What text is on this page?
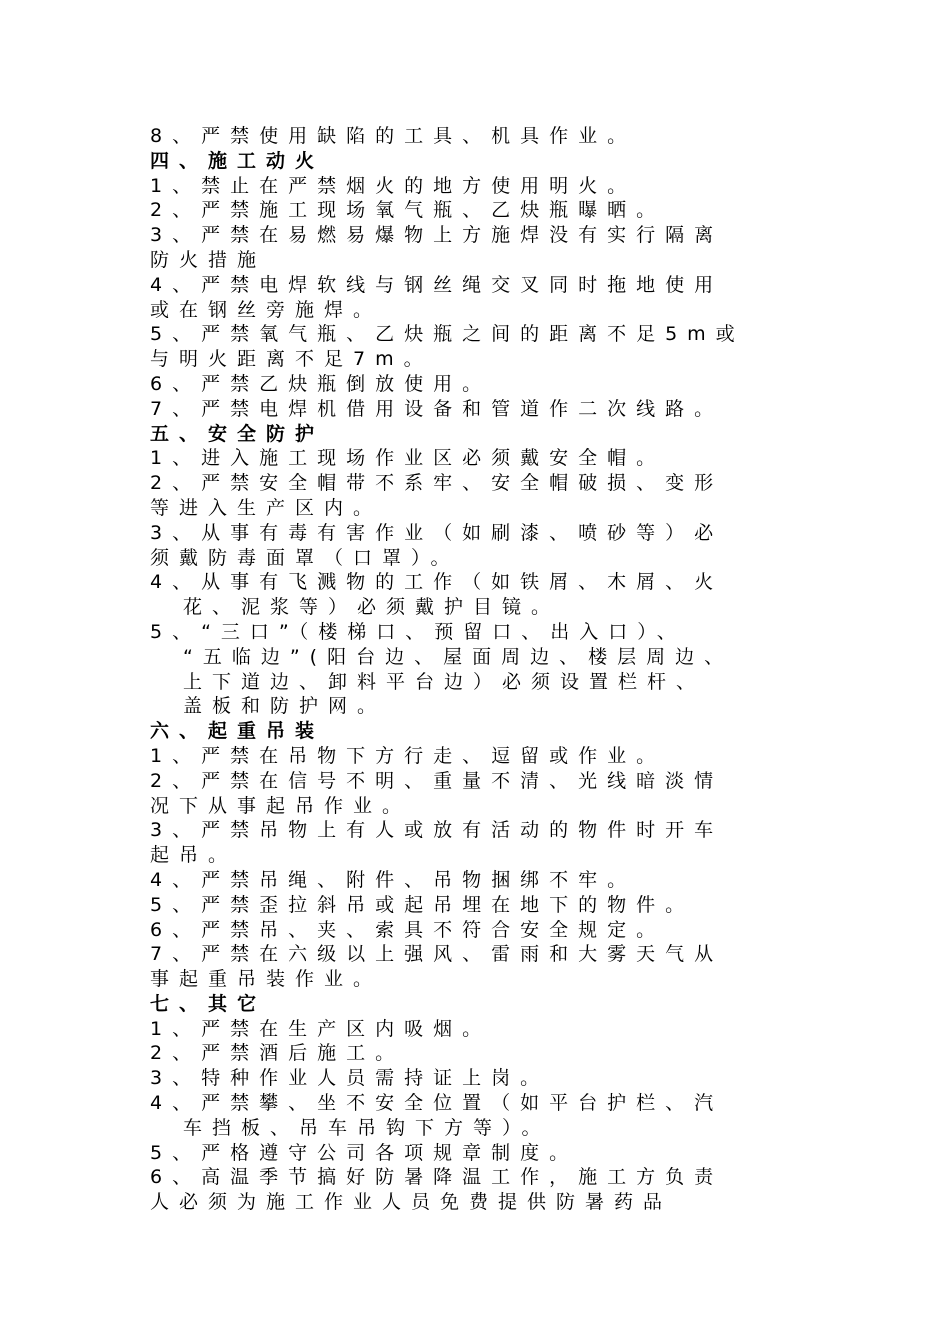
8、严禁使用缺陷的工具、机具作业。
四、施工动火
1、禁止在严禁烟火的地方使用明火。
2、严禁施工现场氧气瓶、乙炔瓶曝晒。
3、严禁在易燃易爆物上方施焊没有实行隔离
防火措施
4、严禁电焊软线与钢丝绳交叉同时拖地使用
或在钢丝旁施焊。
5、严禁氧气瓶、乙炔瓶之间的距离不足5m或
与明火距离不足7m。
6、严禁乙炔瓶倒放使用。
7、严禁电焊机借用设备和管道作二次线路。
五、安全防护
1、进入施工现场作业区必须戴安全帽。
2、严禁安全帽带不系牢、安全帽破损、变形
等进入生产区内。
3、从事有毒有害作业（如刷漆、喷砂等）必
须戴防毒面罩（口罩）。
4、从事有飞溅物的工作（如铁屑、木屑、火
花、泥浆等）必须戴护目镜。
5、“三口”（楼梯口、预留口、出入口）、
“五临边”(阳台边、屋面周边、楼层周边、
上下道边、卸料平台边）必须设置栏杆、
盖板和防护网。
六、起重吊装
1、严禁在吊物下方行走、逗留或作业。
2、严禁在信号不明、重量不清、光线暗淡情
况下从事起吊作业。
3、严禁吊物上有人或放有活动的物件时开车
起吊。
4、严禁吊绳、附件、吊物捆绑不牢。
5、严禁歪拉斜吊或起吊埋在地下的物件。
6、严禁吊、夹、索具不符合安全规定。
7、严禁在六级以上强风、雷雨和大雾天气从
事起重吊装作业。
七、其它
1、严禁在生产区内吸烟。
2、严禁酒后施工。
3、特种作业人员需持证上岗。
4、严禁攀、坐不安全位置（如平台护栏、汽
车挡板、吊车吊钩下方等）。
5、严格遵守公司各项规章制度。
6、高温季节搞好防暑降温工作，施工方负责
人必须为施工作业人员免费提供防暑药品
